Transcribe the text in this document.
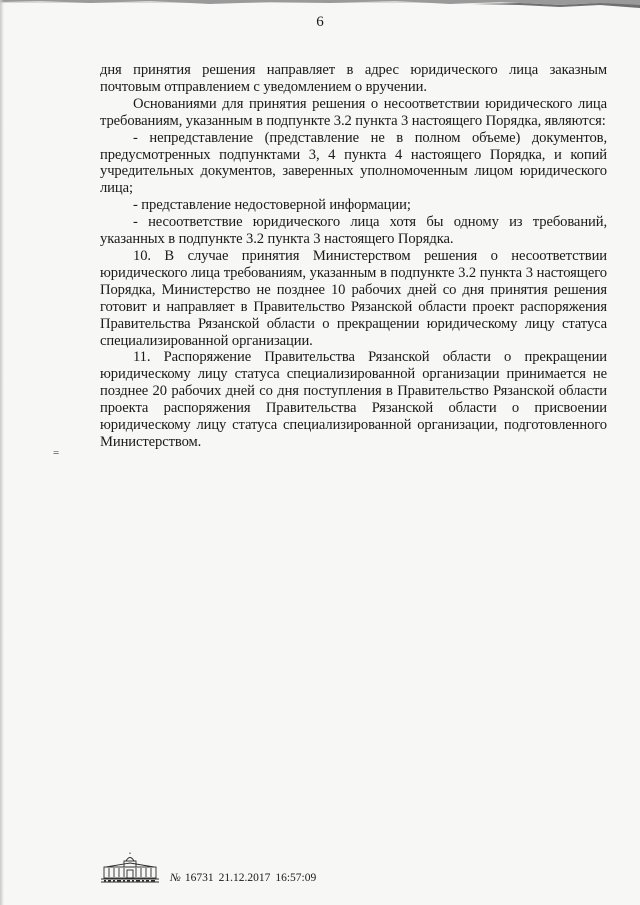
6

дня принятия решения направляет в адрес юридического лица заказным почтовым отправлением с уведомлением о вручении.

Основаниями для принятия решения о несоответствии юридического лица требованиям, указанным в подпункте 3.2 пункта 3 настоящего Порядка, являются:

- непредставление (представление не в полном объеме) документов, предусмотренных подпунктами 3, 4 пункта 4 настоящего Порядка, и копий учредительных документов, заверенных уполномоченным лицом юридического лица;

- представление недостоверной информации;

- несоответствие юридического лица хотя бы одному из требований, указанных в подпункте 3.2 пункта 3 настоящего Порядка.

10. В случае принятия Министерством решения о несоответствии юридического лица требованиям, указанным в подпункте 3.2 пункта 3 настоящего Порядка, Министерство не позднее 10 рабочих дней со дня принятия решения готовит и направляет в Правительство Рязанской области проект распоряжения Правительства Рязанской области о прекращении юридическому лицу статуса специализированной организации.

11. Распоряжение Правительства Рязанской области о прекращении юридическому лицу статуса специализированной организации принимается не позднее 20 рабочих дней со дня поступления в Правительство Рязанской области проекта распоряжения Правительства Рязанской области о присвоении юридическому лицу статуса специализированной организации, подготовленного Министерством.

=
№ 16731 21.12.2017 16:57:09
